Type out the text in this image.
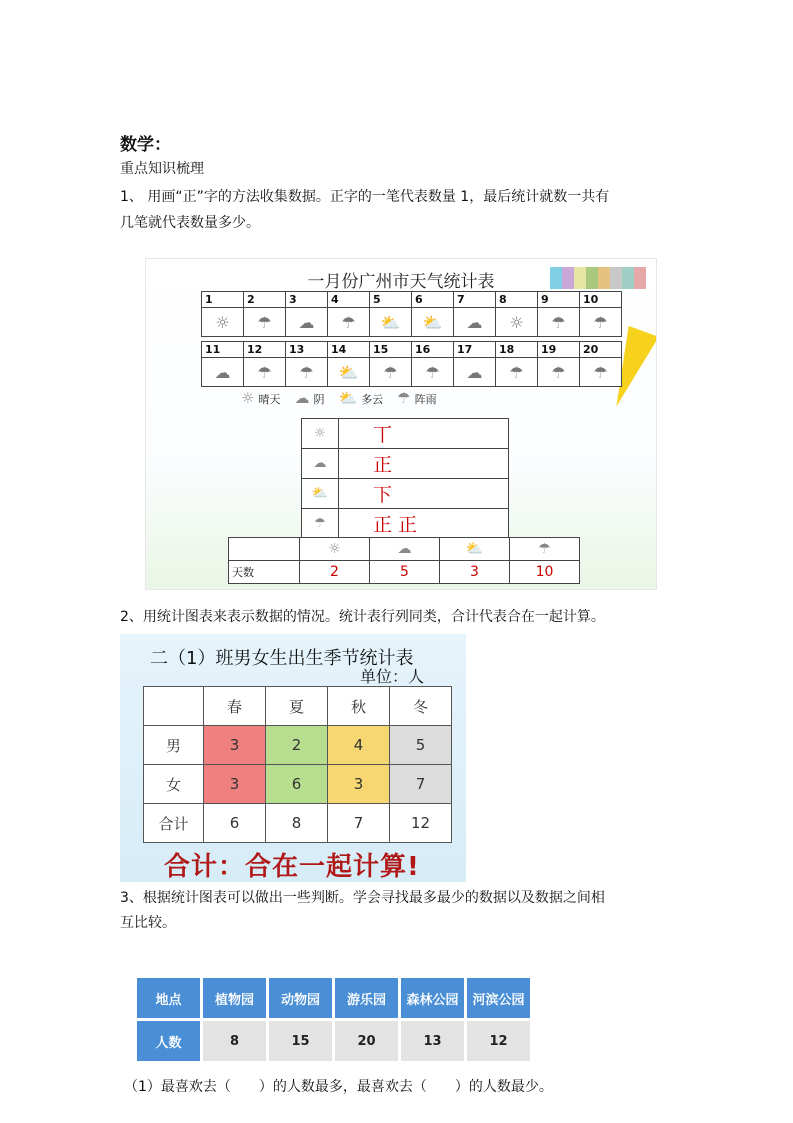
数学：
重点知识梳理
1、 用画“正”字的方法收集数据。正字的一笔代表数量 1，最后统计就数一共有
几笔就代表数量多少。
一月份广州市天气统计表
1	2	3	4	5	6	7	8	9	10
☼	☂	☁	☂	⛅	⛅	☁	☼	☂	☂
11	12	13	14	15	16	17	18	19	20
☁	☂	☂	⛅	☂	☂	☁	☂	☂	☂
☼ 晴天 ☁ 阴 ⛅ 多云 ☂ 阵雨
☼	丅
☁	正
⛅	下
☂	正 正
	☼	☁	⛅	☂
天数	2	5	3	10
2、用统计图表来表示数据的情况。统计表行列同类，合计代表合在一起计算。
二（1）班男女生出生季节统计表
单位：人
	春	夏	秋	冬
男	3	2	4	5
女	3	6	3	7
合计	6	8	7	12
合计：合在一起计算!
3、根据统计图表可以做出一些判断。学会寻找最多最少的数据以及数据之间相
互比较。
地点	植物园	动物园	游乐园	森林公园	河滨公园
人数	8	15	20	13	12
（1）最喜欢去（　　）的人数最多，最喜欢去（　　）的人数最少。
